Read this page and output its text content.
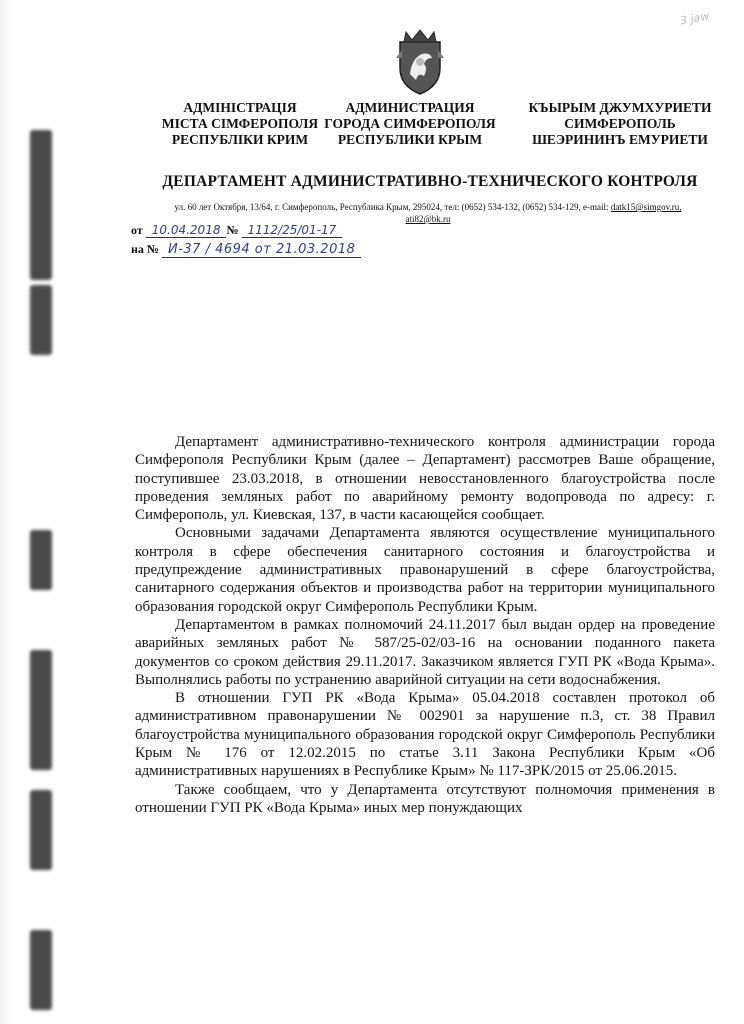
3 jaw
АДМІНІСТРАЦІЯ
МІСТА СІМФЕРОПОЛЯ
РЕСПУБЛІКИ КРИМ
АДМИНИСТРАЦИЯ
ГОРОДА СИМФЕРОПОЛЯ
РЕСПУБЛИКИ КРЫМ
КЪЫРЫМ ДЖУМХУРИЕТИ
СИМФЕРОПОЛЬ
ШЕЭРИНИНЪ ЕМУРИЕТИ
ДЕПАРТАМЕНТ АДМИНИСТРАТИВНО-ТЕХНИЧЕСКОГО КОНТРОЛЯ
ул. 60 лет Октября, 13/64, г. Симферополь, Республика Крым, 295024, тел: (0652) 534-132, (0652) 534-129, e-mail: datk15@simgov.ru,
ati82@bk.ru
от 10.04.2018 № 1112/25/01-17
на № И-37 / 4694 от 21.03.2018

Департамент административно-технического контроля администрации города Симферополя Республики Крым (далее – Департамент) рассмотрев Ваше обращение, поступившее 23.03.2018, в отношении невосстановленного благоустройства после проведения земляных работ по аварийному ремонту водопровода по адресу: г. Симферополь, ул. Киевская, 137, в части касающейся сообщает.

Основными задачами Департамента являются осуществление муниципального контроля в сфере обеспечения санитарного состояния и благоустройства и предупреждение административных правонарушений в сфере благоустройства, санитарного содержания объектов и производства работ на территории муниципального образования городской округ Симферополь Республики Крым.

Департаментом в рамках полномочий 24.11.2017 был выдан ордер на проведение аварийных земляных работ № 587/25-02/03-16 на основании поданного пакета документов со сроком действия 29.11.2017. Заказчиком является ГУП РК «Вода Крыма». Выполнялись работы по устранению аварийной ситуации на сети водоснабжения.

В отношении ГУП РК «Вода Крыма» 05.04.2018 составлен протокол об административном правонарушении № 002901 за нарушение п.3, ст. 38 Правил благоустройства муниципального образования городской округ Симферополь Республики Крым № 176 от 12.02.2015 по статье 3.11 Закона Республики Крым «Об административных нарушениях в Республике Крым» № 117-ЗРК/2015 от 25.06.2015.

Также сообщаем, что у Департамента отсутствуют полномочия применения в отношении ГУП РК «Вода Крыма» иных мер понуждающих
